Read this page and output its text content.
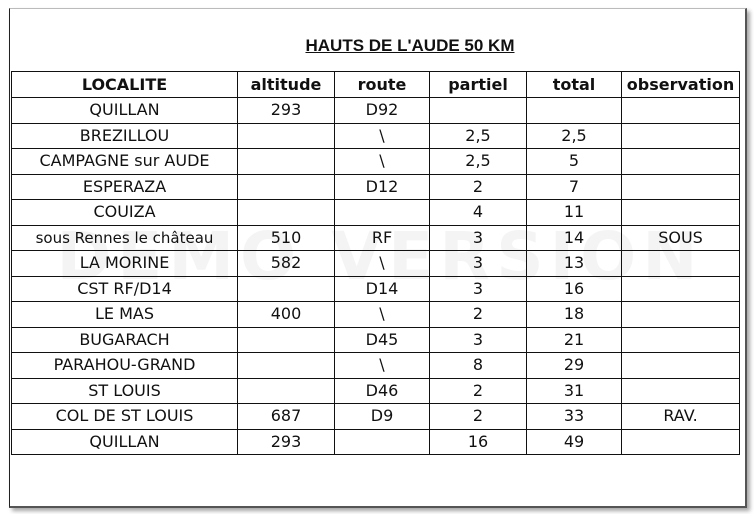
HAUTS DE L'AUDE 50 KM
LOCALITE	altitude	route	partiel	total	observation
QUILLAN	293	D92			
BREZILLOU		\	2,5	2,5	
CAMPAGNE sur AUDE		\	2,5	5	
ESPERAZA		D12	2	7	
COUIZA			4	11	
sous Rennes le château	510	RF	3	14	SOUS
LA MORINE	582	\	3	13	
CST RF/D14		D14	3	16	
LE MAS	400	\	2	18	
BUGARACH		D45	3	21	
PARAHOU-GRAND		\	8	29	
ST LOUIS		D46	2	31	
COL DE ST LOUIS	687	D9	2	33	RAV.
QUILLAN	293		16	49	
